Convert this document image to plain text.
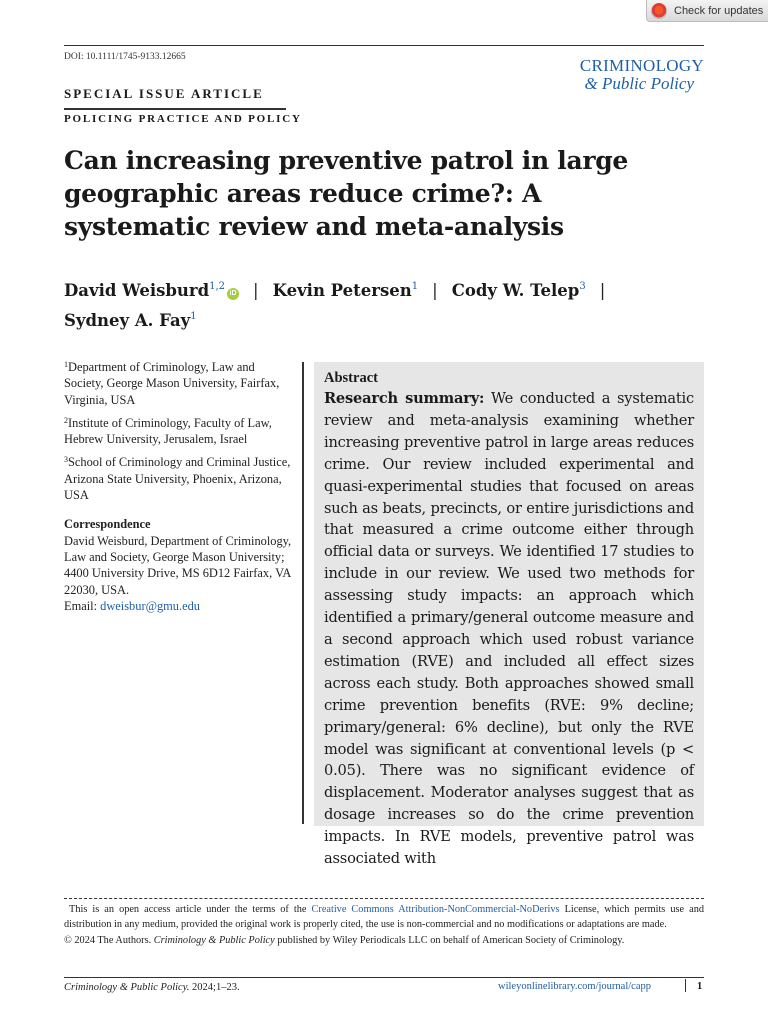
Check for updates
DOI: 10.1111/1745-9133.12665	CRIMINOLOGY
& Public Policy
SPECIAL ISSUE ARTICLE
POLICING PRACTICE AND POLICY
Can increasing preventive patrol in large geographic areas reduce crime?: A systematic review and meta-analysis
David Weisburd$^{1,2}$iD | Kevin Petersen$^1$ | Cody W. Telep$^3$ |
Sydney A. Fay$^1$
$^1$Department of Criminology, Law and Society, George Mason University, Fairfax, Virginia, USA
$^2$Institute of Criminology, Faculty of Law, Hebrew University, Jerusalem, Israel
$^3$School of Criminology and Criminal Justice, Arizona State University, Phoenix, Arizona, USA
Correspondence
David Weisburd, Department of Criminology, Law and Society, George Mason University; 4400 University Drive, MS 6D12 Fairfax, VA 22030, USA.
Email: dweisbur@gmu.edu
Abstract
Research summary: We conducted a systematic review and meta-analysis examining whether increasing preventive patrol in large areas reduces crime. Our review included experimental and quasi-experimental studies that focused on areas such as beats, precincts, or entire jurisdictions and that measured a crime outcome either through official data or surveys. We identified 17 studies to include in our review. We used two methods for assessing study impacts: an approach which identified a primary/general outcome measure and a second approach which used robust variance estimation (RVE) and included all effect sizes across each study. Both approaches showed small crime prevention benefits (RVE: 9% decline; primary/general: 6% decline), but only the RVE model was significant at conventional levels (p < 0.05). There was no significant evidence of displacement. Moderator analyses suggest that as dosage increases so do the crime prevention impacts. In RVE models, preventive patrol was associated with
This is an open access article under the terms of the Creative Commons Attribution-NonCommercial-NoDerivs License, which permits use and distribution in any medium, provided the original work is properly cited, the use is non-commercial and no modifications or adaptations are made.
© 2024 The Authors. Criminology & Public Policy published by Wiley Periodicals LLC on behalf of American Society of Criminology.
Criminology & Public Policy. 2024;1–23.	wileyonlinelibrary.com/journal/capp	1
